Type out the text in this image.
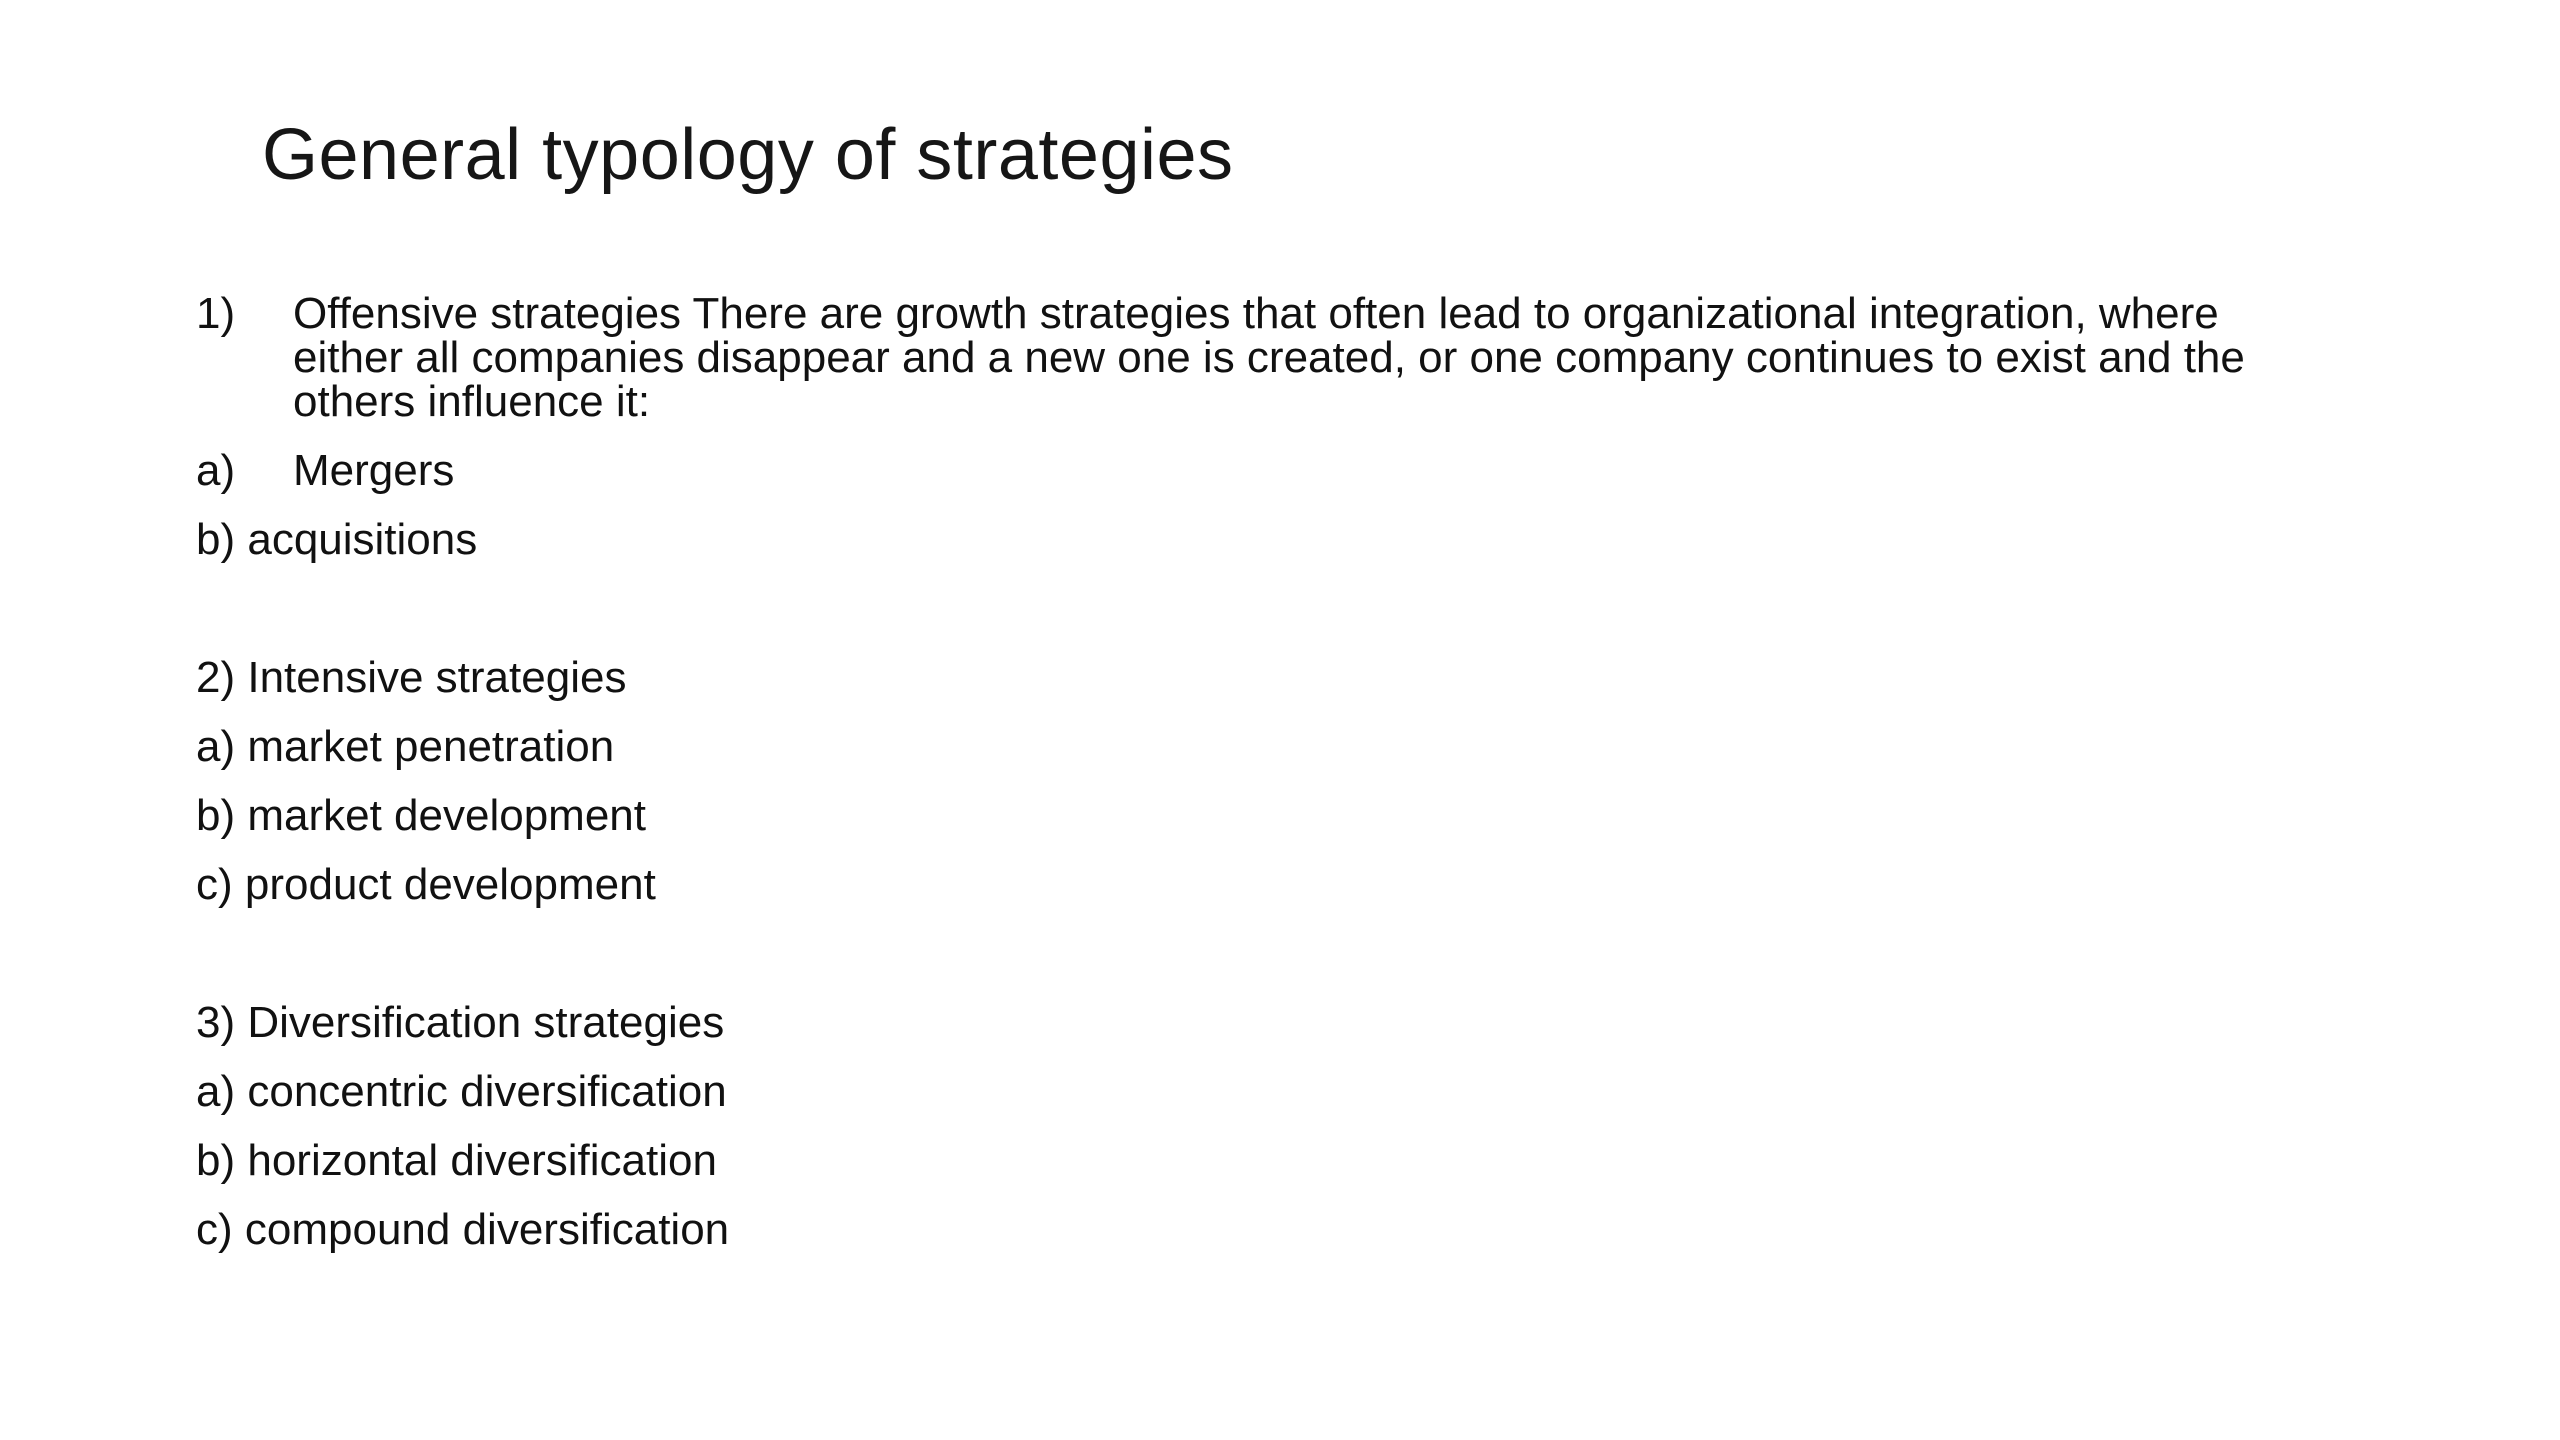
General typology of strategies
1)	Offensive strategies There are growth strategies that often lead to organizational integration, where either all companies disappear and a new one is created, or one company continues to exist and the others influence it:
a)	Mergers
b) acquisitions
2) Intensive strategies
a) market penetration
b) market development
c) product development
3) Diversification strategies
a) concentric diversification
b) horizontal diversification
c) compound diversification
